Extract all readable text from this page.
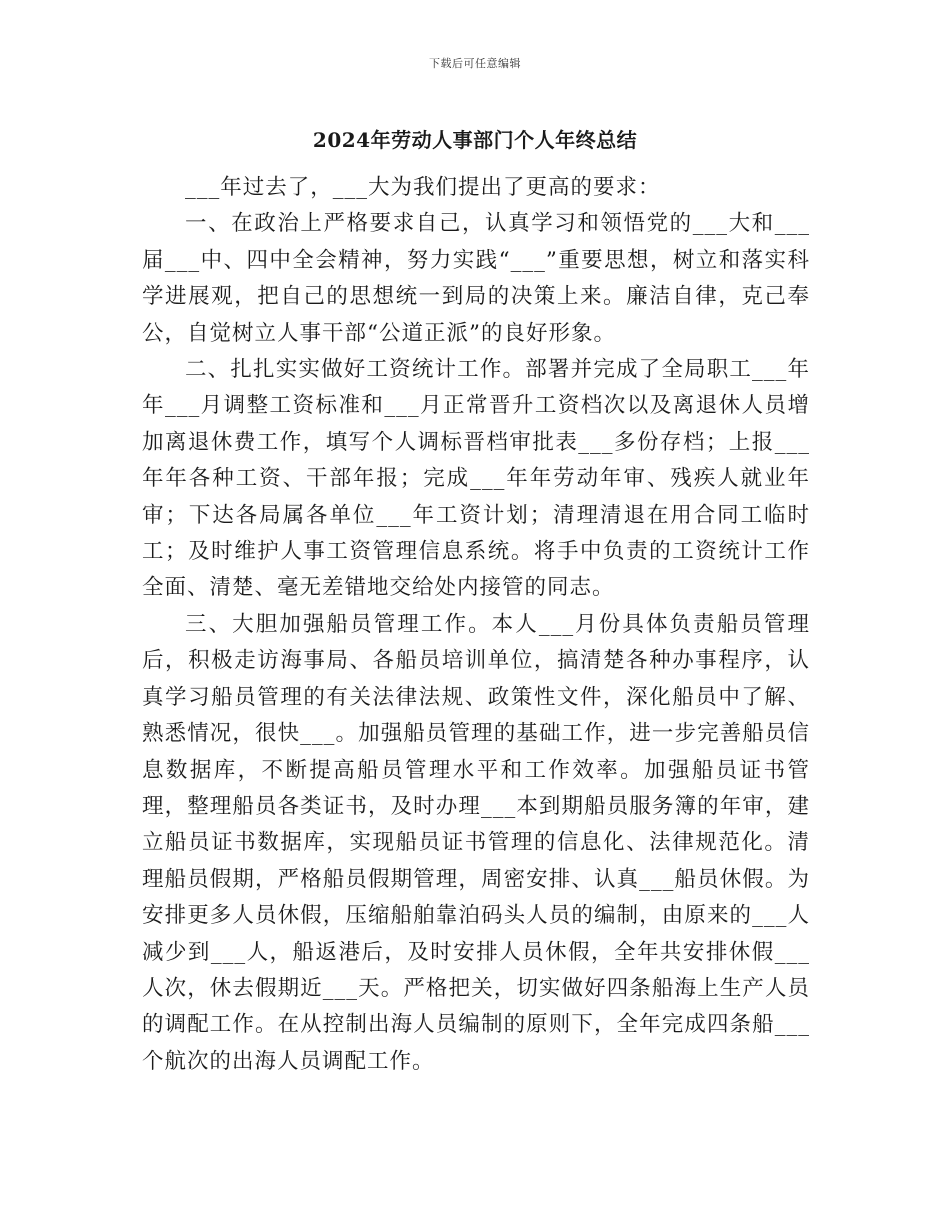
下载后可任意编辑
2024年劳动人事部门个人年终总结

___年过去了，___大为我们提出了更高的要求：

一、在政治上严格要求自己，认真学习和领悟党的___大和___届___中、四中全会精神，努力实践“___”重要思想，树立和落实科学进展观，把自己的思想统一到局的决策上来。廉洁自律，克己奉公，自觉树立人事干部“公道正派”的良好形象。

二、扎扎实实做好工资统计工作。部署并完成了全局职工___年年___月调整工资标准和___月正常晋升工资档次以及离退休人员增加离退休费工作，填写个人调标晋档审批表___多份存档；上报___年年各种工资、干部年报；完成___年年劳动年审、残疾人就业年审；下达各局属各单位___年工资计划；清理清退在用合同工临时工；及时维护人事工资管理信息系统。将手中负责的工资统计工作全面、清楚、毫无差错地交给处内接管的同志。

三、大胆加强船员管理工作。本人___月份具体负责船员管理后，积极走访海事局、各船员培训单位，搞清楚各种办事程序，认真学习船员管理的有关法律法规、政策性文件，深化船员中了解、熟悉情况，很快___。加强船员管理的基础工作，进一步完善船员信息数据库，不断提高船员管理水平和工作效率。加强船员证书管理，整理船员各类证书，及时办理___本到期船员服务簿的年审，建立船员证书数据库，实现船员证书管理的信息化、法律规范化。清理船员假期，严格船员假期管理，周密安排、认真___船员休假。为安排更多人员休假，压缩船舶靠泊码头人员的编制，由原来的___人减少到___人，船返港后，及时安排人员休假，全年共安排休假___人次，休去假期近___天。严格把关，切实做好四条船海上生产人员的调配工作。在从控制出海人员编制的原则下，全年完成四条船___个航次的出海人员调配工作。
